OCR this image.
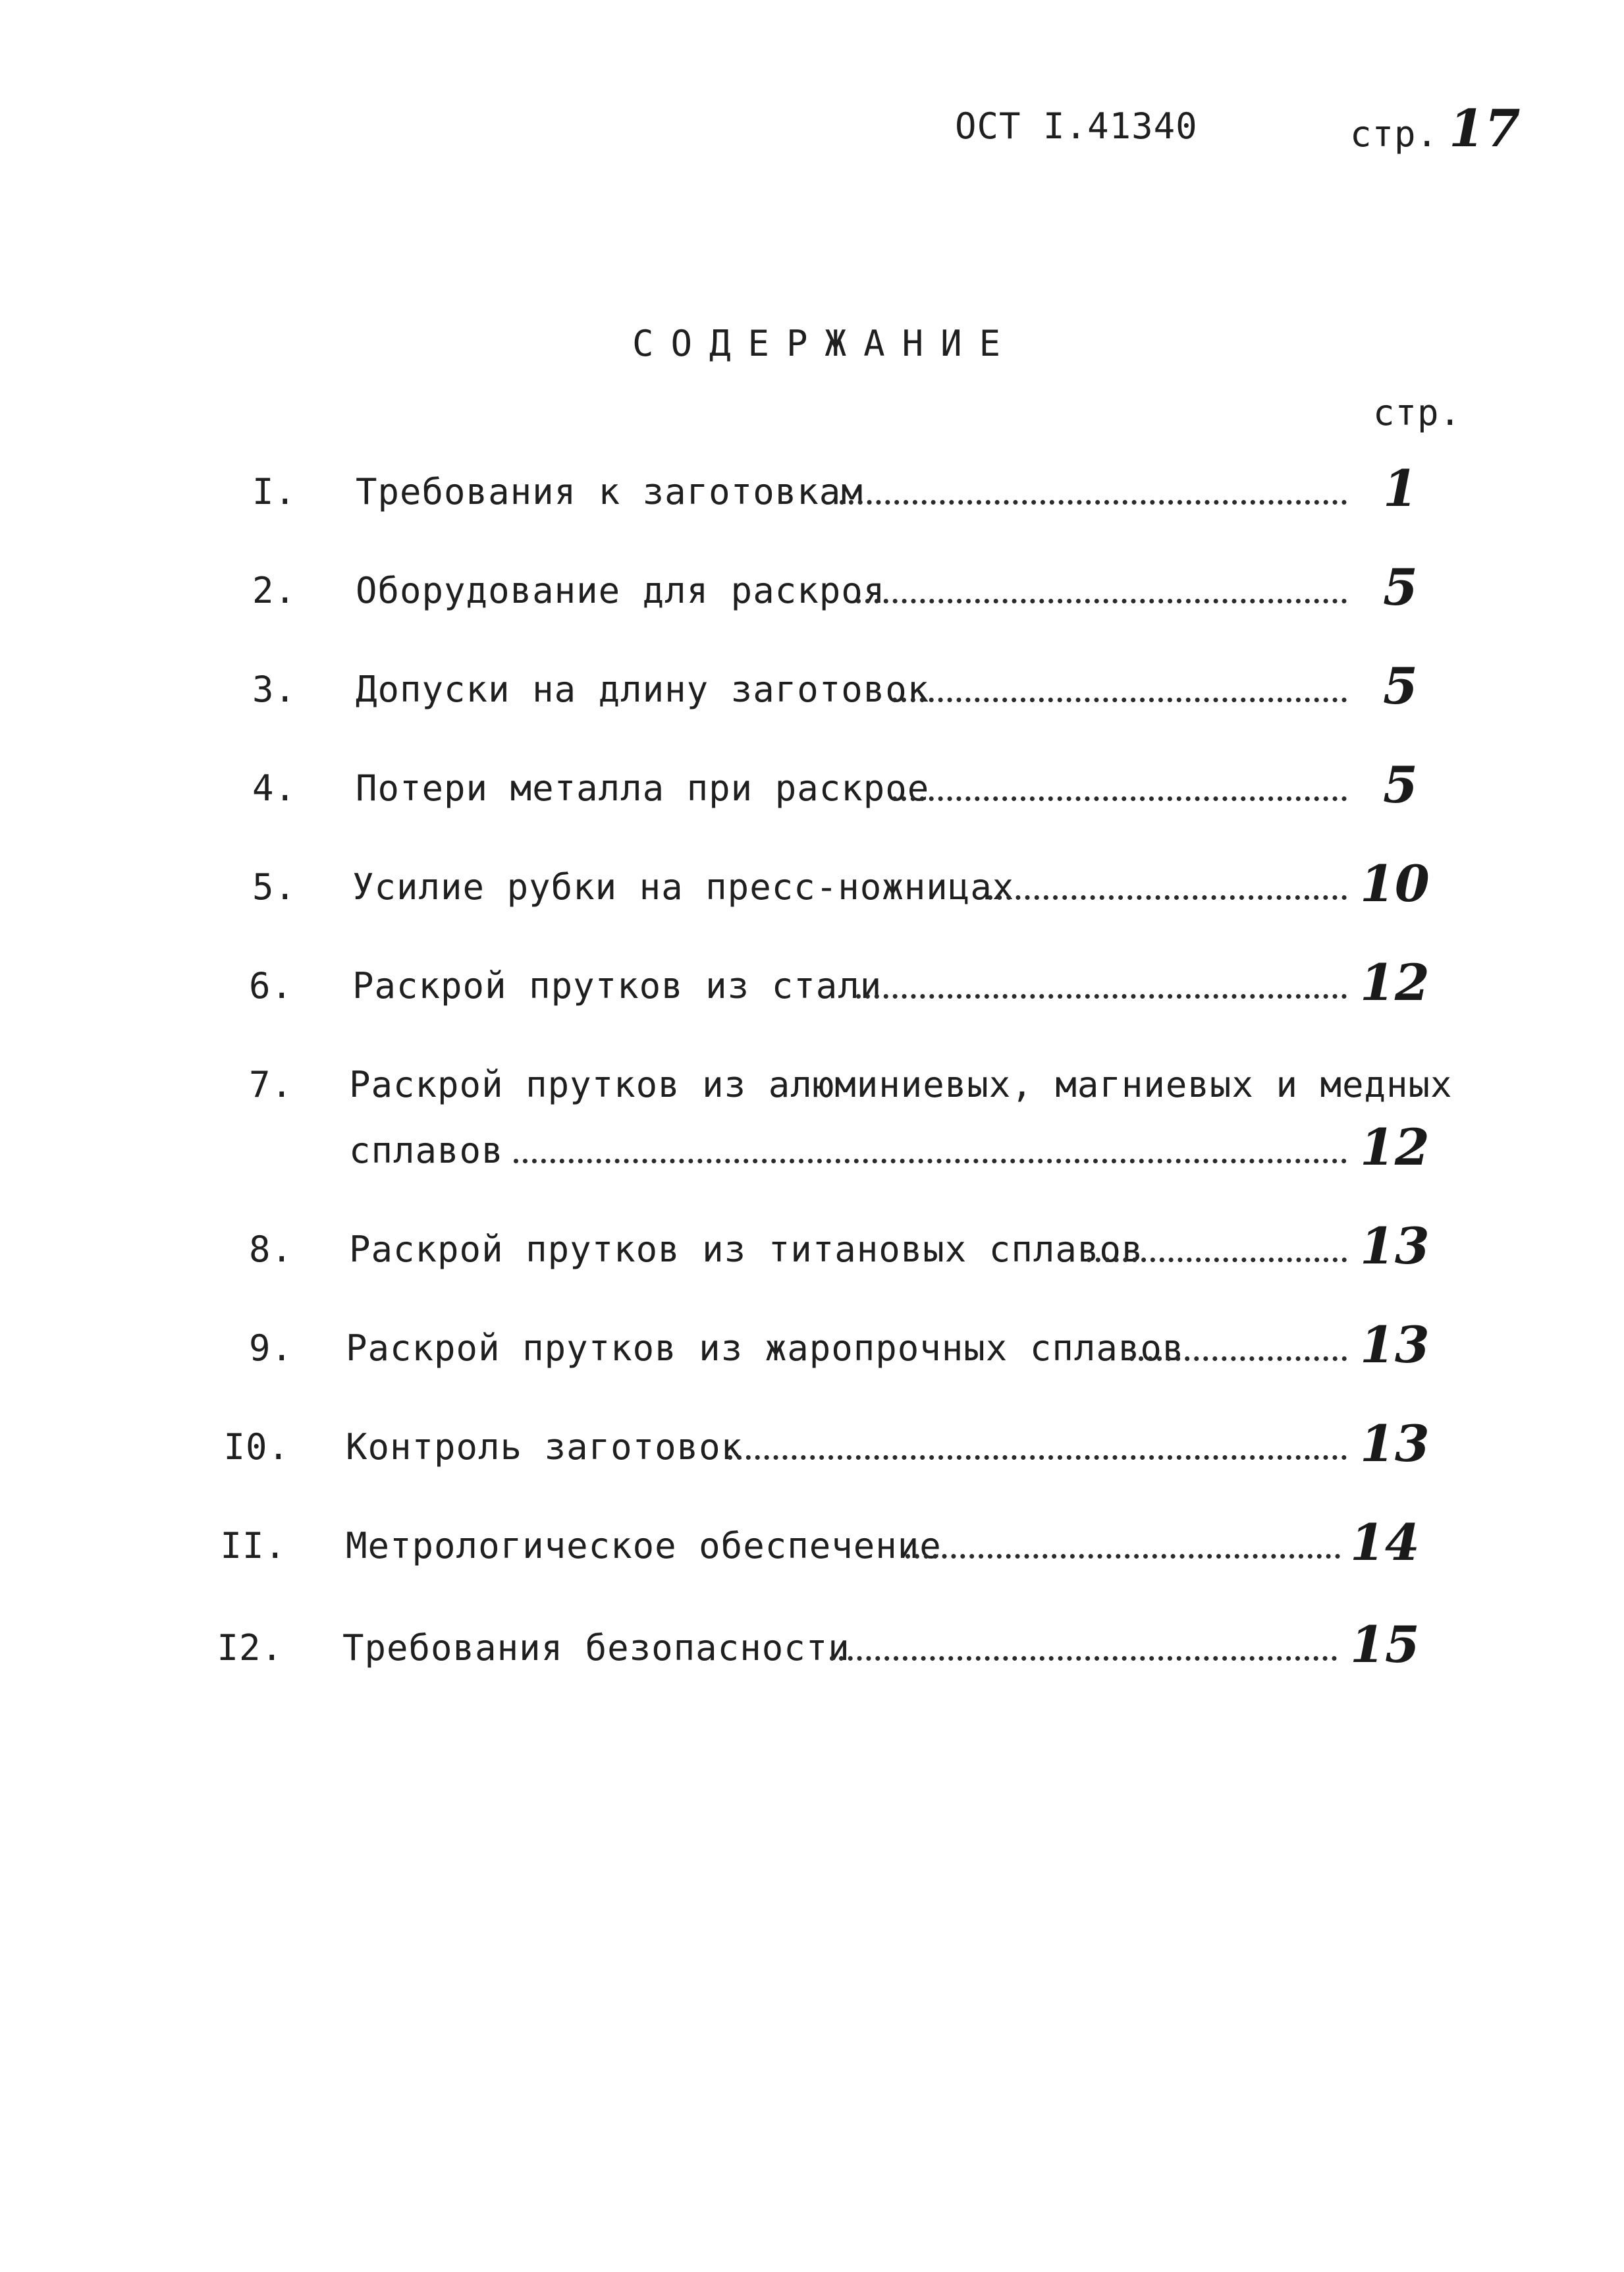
ОСТ I.41340	стр. 17
СОДЕРЖАНИЕ
стр.
I. Требования к заготовкам	1
2. Оборудование для раскроя	5
3. Допуски на длину заготовок	5
4. Потери металла при раскрое	5
5. Усилие рубки на пресс-ножницах	10
6. Раскрой прутков из стали	12
7. Раскрой прутков из алюминиевых, магниевых и медных
сплавов	12
8. Раскрой прутков из титановых сплавов	13
9. Раскрой прутков из жаропрочных сплавов	13
I0. Контроль заготовок	13
II. Метрологическое обеспечение	14
I2. Требования безопасности	15
